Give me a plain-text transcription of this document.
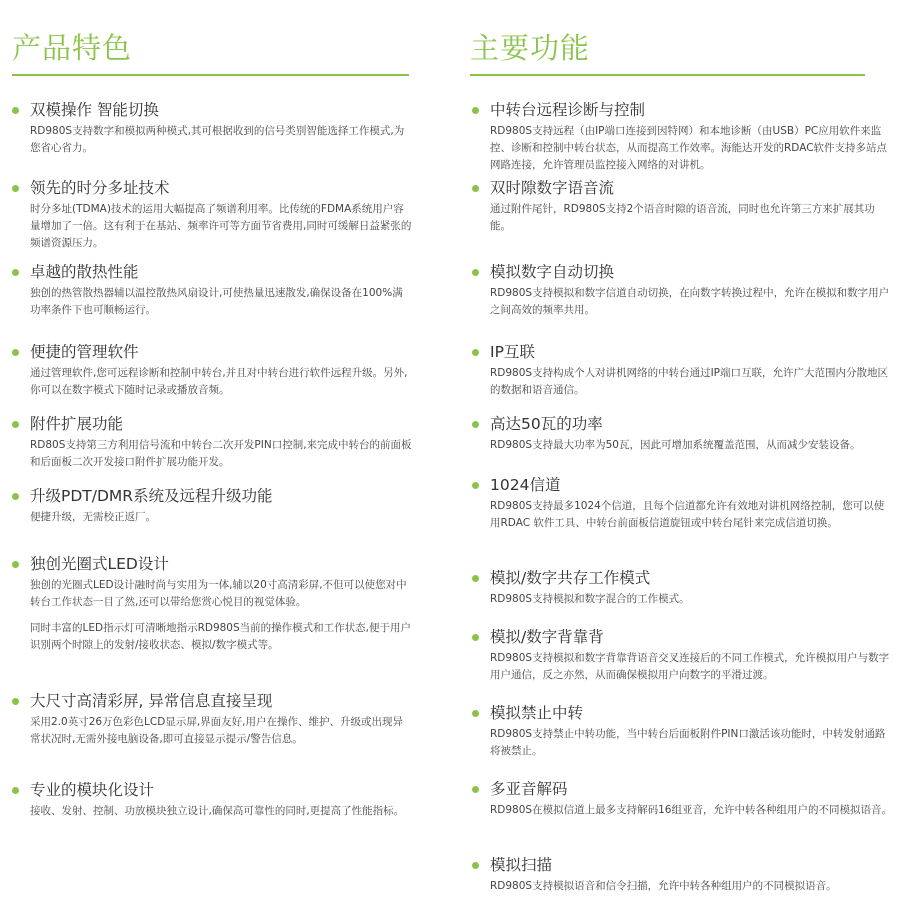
产品特色

双模操作 智能切换

RD980S支持数字和模拟两种模式,其可根据收到的信号类别智能选择工作模式,为您省心省力。

领先的时分多址技术

时分多址(TDMA)技术的运用大幅提高了频谱利用率。比传统的FDMA系统用户容量增加了一倍。这有利于在基站、频率许可等方面节省费用,同时可缓解日益紧张的频谱资源压力。

卓越的散热性能

独创的热管散热器辅以温控散热风扇设计,可使热量迅速散发,确保设备在100%满功率条件下也可顺畅运行。

便捷的管理软件

通过管理软件,您可远程诊断和控制中转台,并且对中转台进行软件远程升级。另外,你可以在数字模式下随时记录或播放音频。

附件扩展功能

RD80S支持第三方利用信号流和中转台二次开发PIN口控制,来完成中转台的前面板和后面板二次开发接口附件扩展功能开发。

升级PDT/DMR系统及远程升级功能

便捷升级，无需校正返厂。

独创光圈式LED设计

独创的光圈式LED设计融时尚与实用为一体,辅以20寸高清彩屏,不但可以使您对中转台工作状态一目了然,还可以带给您赏心悦目的视觉体验。

同时丰富的LED指示灯可清晰地指示RD980S当前的操作模式和工作状态,便于用户识别两个时隙上的发射/接收状态、模拟/数字模式等。

大尺寸高清彩屏, 异常信息直接呈现

采用2.0英寸26万色彩色LCD显示屏,界面友好,用户在操作、维护、升级或出现异常状况时,无需外接电脑设备,即可直接显示提示/警告信息。

专业的模块化设计

接收、发射、控制、功放模块独立设计,确保高可靠性的同时,更提高了性能指标。

主要功能

中转台远程诊断与控制

RD980S支持远程（由IP端口连接到因特网）和本地诊断（由USB）PC应用软件来监控、诊断和控制中转台状态，从而提高工作效率。海能达开发的RDAC软件支持多站点网路连接，允许管理员监控接入网络的对讲机。

双时隙数字语音流

通过附件尾针，RD980S支持2个语音时隙的语音流，同时也允许第三方来扩展其功能。

模拟数字自动切换

RD980S支持模拟和数字信道自动切换，在向数字转换过程中，允许在模拟和数字用户之间高效的频率共用。

IP互联

RD980S支持构成个人对讲机网络的中转台通过IP端口互联，允许广大范围内分散地区的数据和语音通信。

高达50瓦的功率

RD980S支持最大功率为50瓦，因此可增加系统覆盖范围，从而减少安装设备。

1024信道

RD980S支持最多1024个信道，且每个信道都允许有效地对讲机网络控制，您可以使用RDAC 软件工具、中转台前面板信道旋钮或中转台尾针来完成信道切换。

模拟/数字共存工作模式

RD980S支持模拟和数字混合的工作模式。

模拟/数字背靠背

RD980S支持模拟和数字背靠背语音交叉连接后的不同工作模式，允许模拟用户与数字用户通信，反之亦然，从而确保模拟用户向数字的平滑过渡。

模拟禁止中转

RD980S支持禁止中转功能，当中转台后面板附件PIN口激活该功能时，中转发射通路将被禁止。

多亚音解码

RD980S在模拟信道上最多支持解码16组亚音，允许中转各种组用户的不同模拟语音。

模拟扫描

RD980S支持模拟语音和信令扫描，允许中转各种组用户的不同模拟语音。
